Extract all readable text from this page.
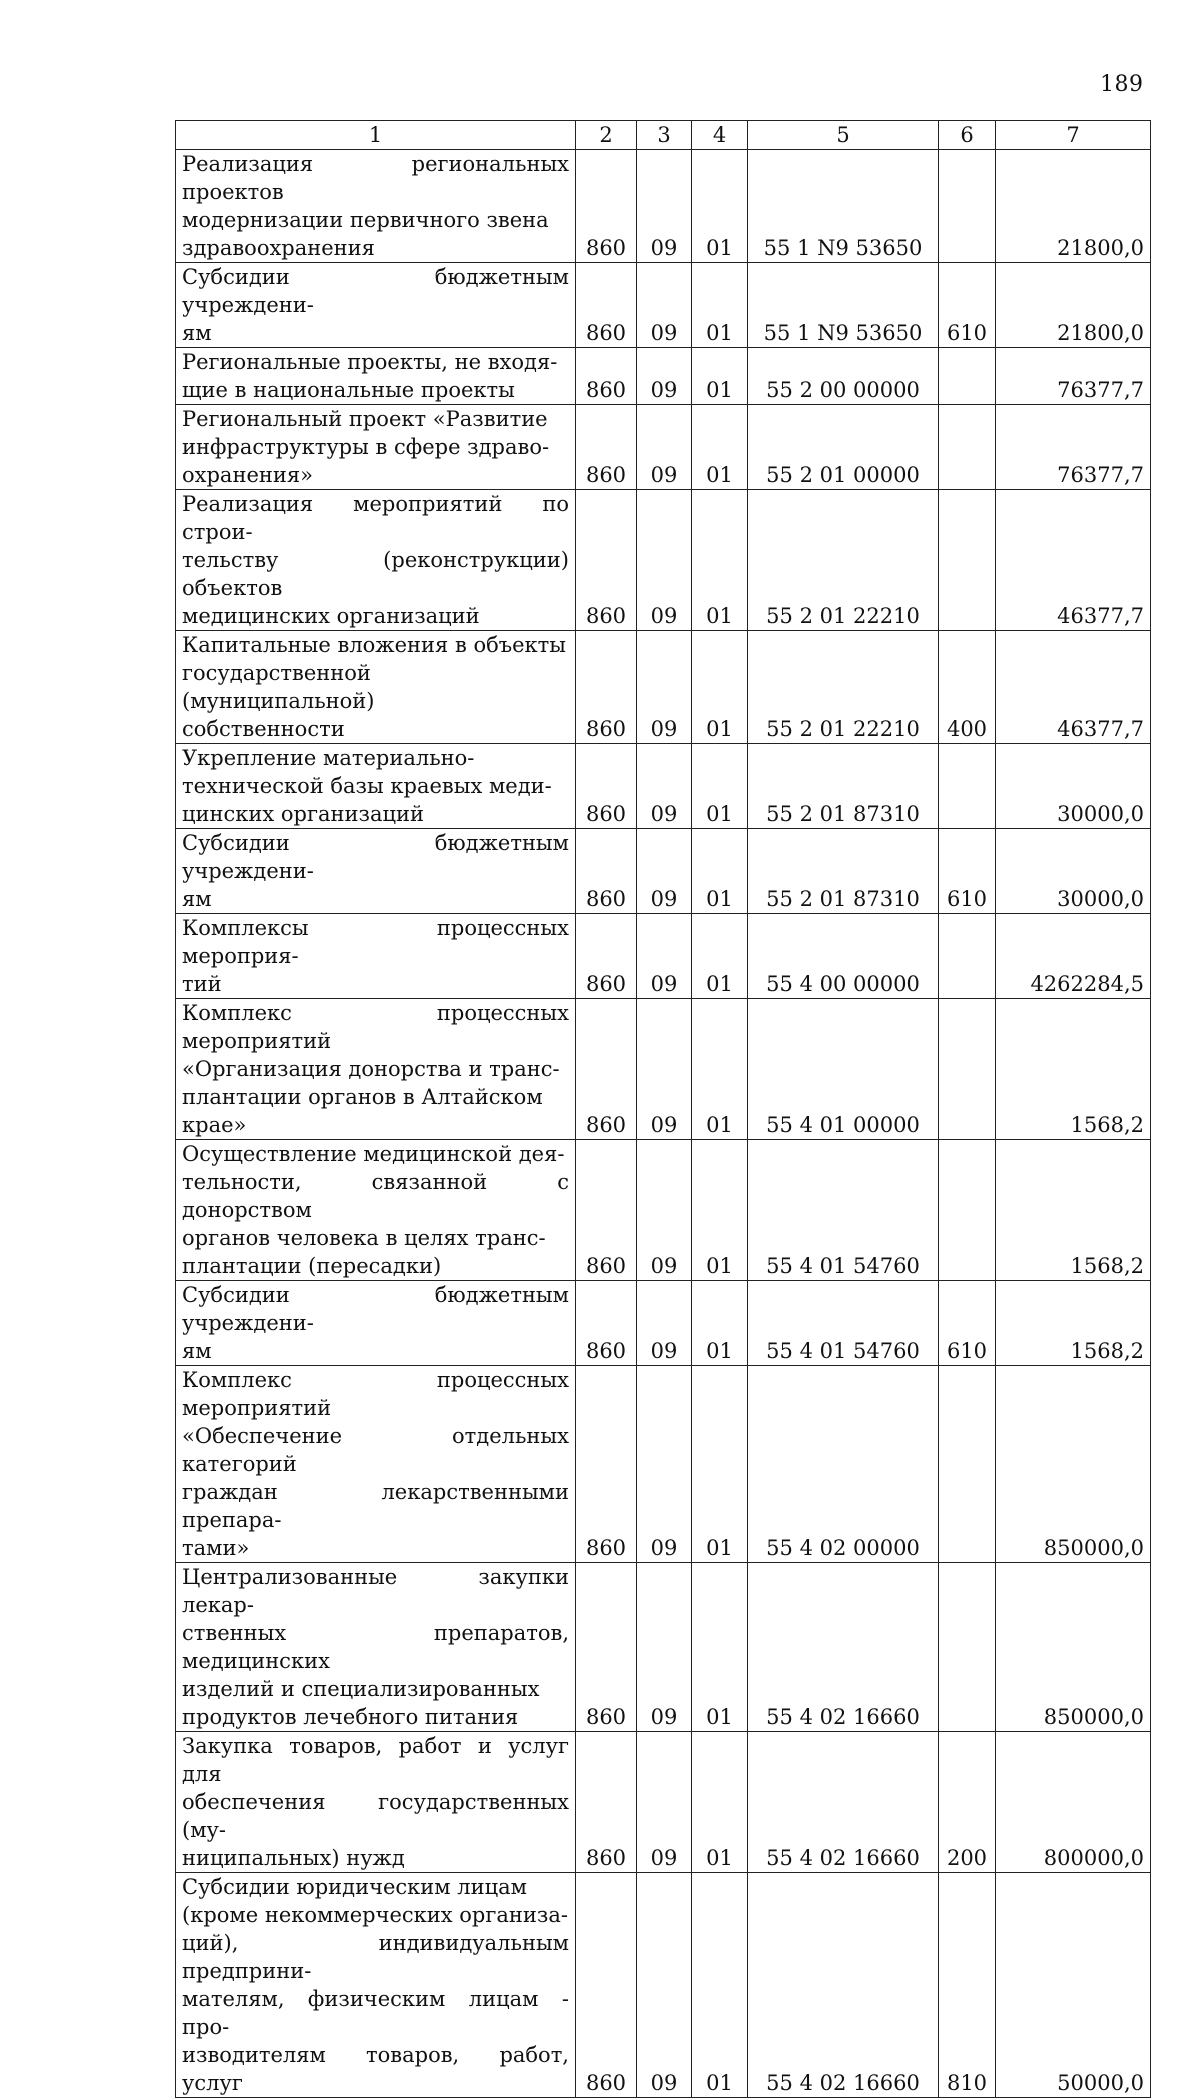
189
1	2	3	4	5	6	7

Реализация региональных проектов
модернизации первичного звена
здравоохранения	860	09	01	55 1 N9 53650		21800,0

Субсидии бюджетным учреждени-
ям	860	09	01	55 1 N9 53650	610	21800,0

Региональные проекты, не входя-
щие в национальные проекты	860	09	01	55 2 00 00000		76377,7

Региональный проект «Развитие
инфраструктуры в сфере здраво-
охранения»	860	09	01	55 2 01 00000		76377,7

Реализация мероприятий по строи-
тельству (реконструкции) объектов
медицинских организаций	860	09	01	55 2 01 22210		46377,7

Капитальные вложения в объекты
государственной (муниципальной)
собственности	860	09	01	55 2 01 22210	400	46377,7

Укрепление материально-
технической базы краевых меди-
цинских организаций	860	09	01	55 2 01 87310		30000,0

Субсидии бюджетным учреждени-
ям	860	09	01	55 2 01 87310	610	30000,0

Комплексы процессных мероприя-
тий	860	09	01	55 4 00 00000		4262284,5

Комплекс процессных мероприятий
«Организация донорства и транс-
плантации органов в Алтайском
крае»	860	09	01	55 4 01 00000		1568,2

Осуществление медицинской дея-
тельности, связанной с донорством
органов человека в целях транс-
плантации (пересадки)	860	09	01	55 4 01 54760		1568,2

Субсидии бюджетным учреждени-
ям	860	09	01	55 4 01 54760	610	1568,2

Комплекс процессных мероприятий
«Обеспечение отдельных категорий
граждан лекарственными препара-
тами»	860	09	01	55 4 02 00000		850000,0

Централизованные закупки лекар-
ственных препаратов, медицинских
изделий и специализированных
продуктов лечебного питания	860	09	01	55 4 02 16660		850000,0

Закупка товаров, работ и услуг для
обеспечения государственных (му-
ниципальных) нужд	860	09	01	55 4 02 16660	200	800000,0

Субсидии юридическим лицам
(кроме некоммерческих организа-
ций), индивидуальным предприни-
мателям, физическим лицам - про-
изводителям товаров, работ, услуг	860	09	01	55 4 02 16660	810	50000,0
